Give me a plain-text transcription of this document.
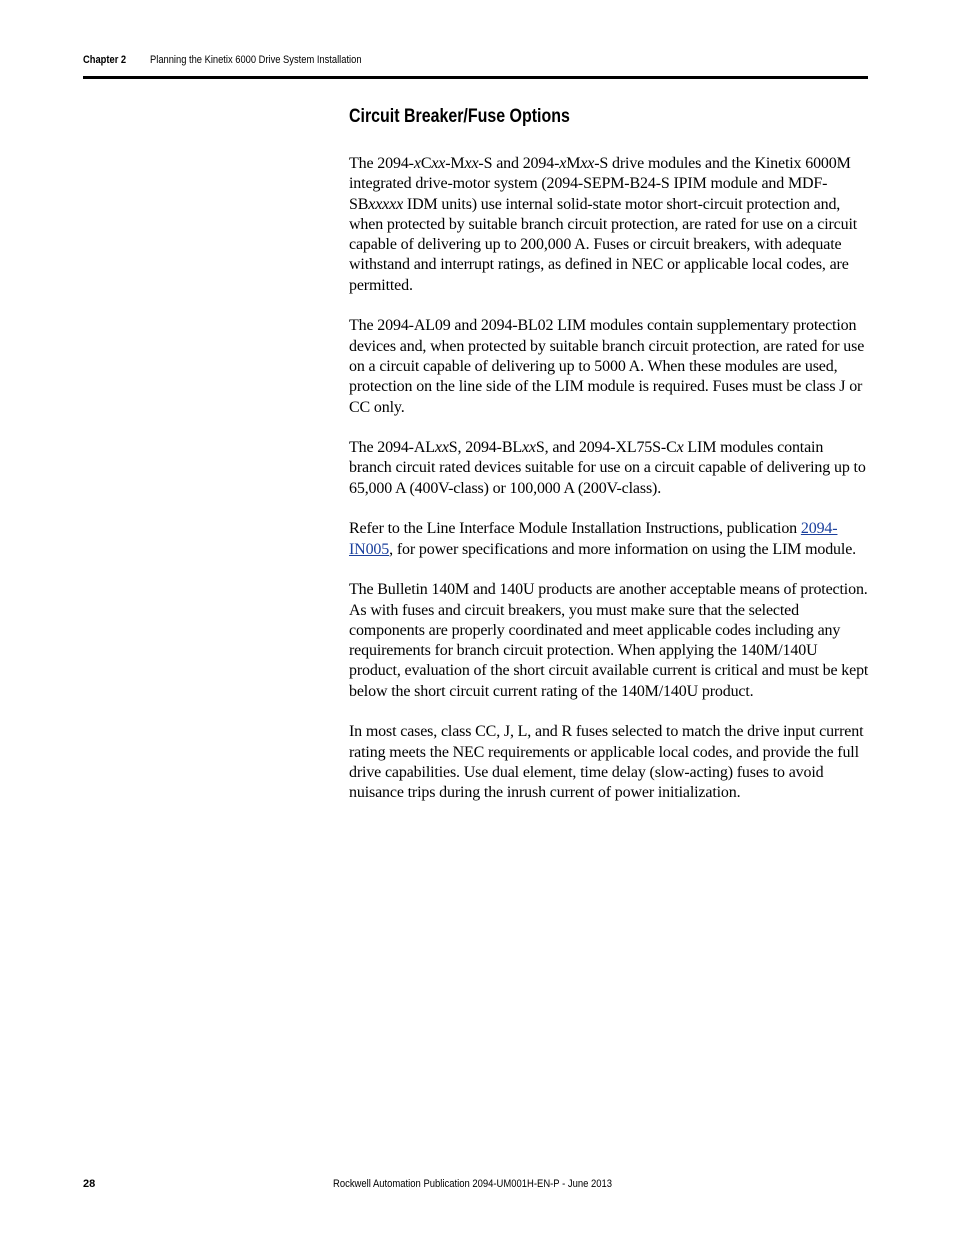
Chapter 2 Planning the Kinetix 6000 Drive System Installation
Circuit Breaker/Fuse Options

The 2094-xCxx-Mxx-S and 2094-xMxx-S drive modules and the Kinetix 6000M integrated drive-motor system (2094-SEPM-B24-S IPIM module and MDF-SBxxxxx IDM units) use internal solid-state motor short-circuit protection and, when protected by suitable branch circuit protection, are rated for use on a circuit capable of delivering up to 200,000 A. Fuses or circuit breakers, with adequate withstand and interrupt ratings, as defined in NEC or applicable local codes, are permitted.

The 2094-AL09 and 2094-BL02 LIM modules contain supplementary protection devices and, when protected by suitable branch circuit protection, are rated for use on a circuit capable of delivering up to 5000 A. When these modules are used, protection on the line side of the LIM module is required. Fuses must be class J or CC only.

The 2094-ALxxS, 2094-BLxxS, and 2094-XL75S-Cx LIM modules contain branch circuit rated devices suitable for use on a circuit capable of delivering up to 65,000 A (400V-class) or 100,000 A (200V-class).

Refer to the Line Interface Module Installation Instructions, publication 2094-IN005, for power specifications and more information on using the LIM module.

The Bulletin 140M and 140U products are another acceptable means of protection. As with fuses and circuit breakers, you must make sure that the selected components are properly coordinated and meet applicable codes including any requirements for branch circuit protection. When applying the 140M/140U product, evaluation of the short circuit available current is critical and must be kept below the short circuit current rating of the 140M/140U product.

In most cases, class CC, J, L, and R fuses selected to match the drive input current rating meets the NEC requirements or applicable local codes, and provide the full drive capabilities. Use dual element, time delay (slow-acting) fuses to avoid nuisance trips during the inrush current of power initialization.

28	Rockwell Automation Publication 2094-UM001H-EN-P - June 2013
